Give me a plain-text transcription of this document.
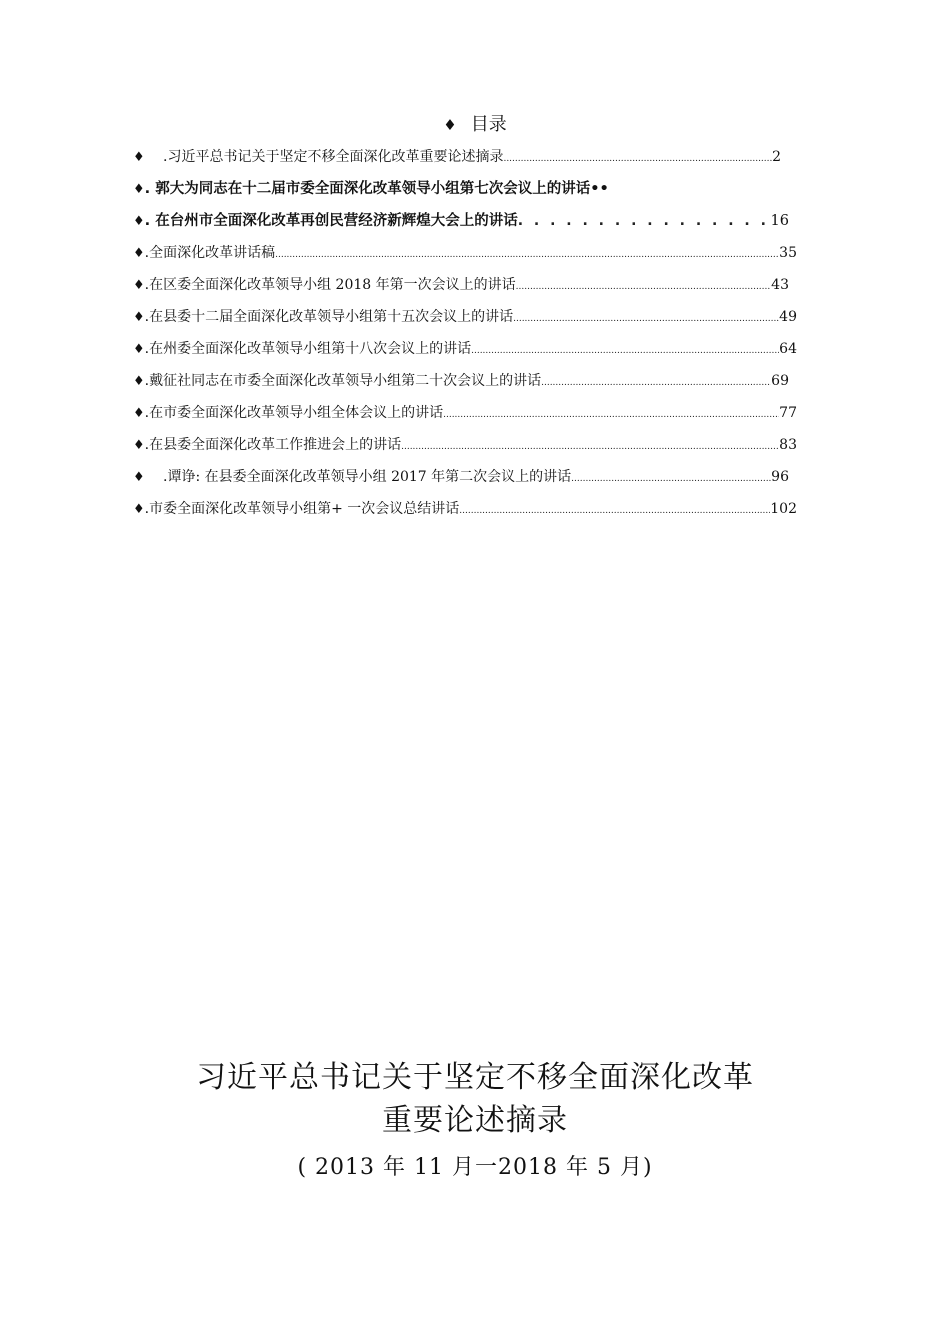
♦ 目录
♦	.习近平总书记关于坚定不移全面深化改革重要论述摘录 .....	2
♦ . 郭大为同志在十二届市委全面深化改革领导小组第七次会议上的讲话••
♦ . 在台州市全面深化改革再创民营经济新辉煌大会上的讲话 . . .	16
♦ .全面深化改革讲话稿 .....	35
♦ .在区委全面深化改革领导小组 2018 年第一次会议上的讲话 .....	43
♦ .在县委十二届全面深化改革领导小组第十五次会议上的讲话 .....	49
♦ .在州委全面深化改革领导小组第十八次会议上的讲话 .....	64
♦ .戴征社同志在市委全面深化改革领导小组第二十次会议上的讲话 .....	69
♦ .在市委全面深化改革领导小组全体会议上的讲话 .....	77
♦ .在县委全面深化改革工作推进会上的讲话 .....	83
♦	.谭诤: 在县委全面深化改革领导小组 2017 年第二次会议上的讲话 .....	96
♦ .市委全面深化改革领导小组第+ 一次会议总结讲话 .....	102
习近平总书记关于坚定不移全面深化改革
重要论述摘录
( 2013 年 11 月一2018 年 5 月)
